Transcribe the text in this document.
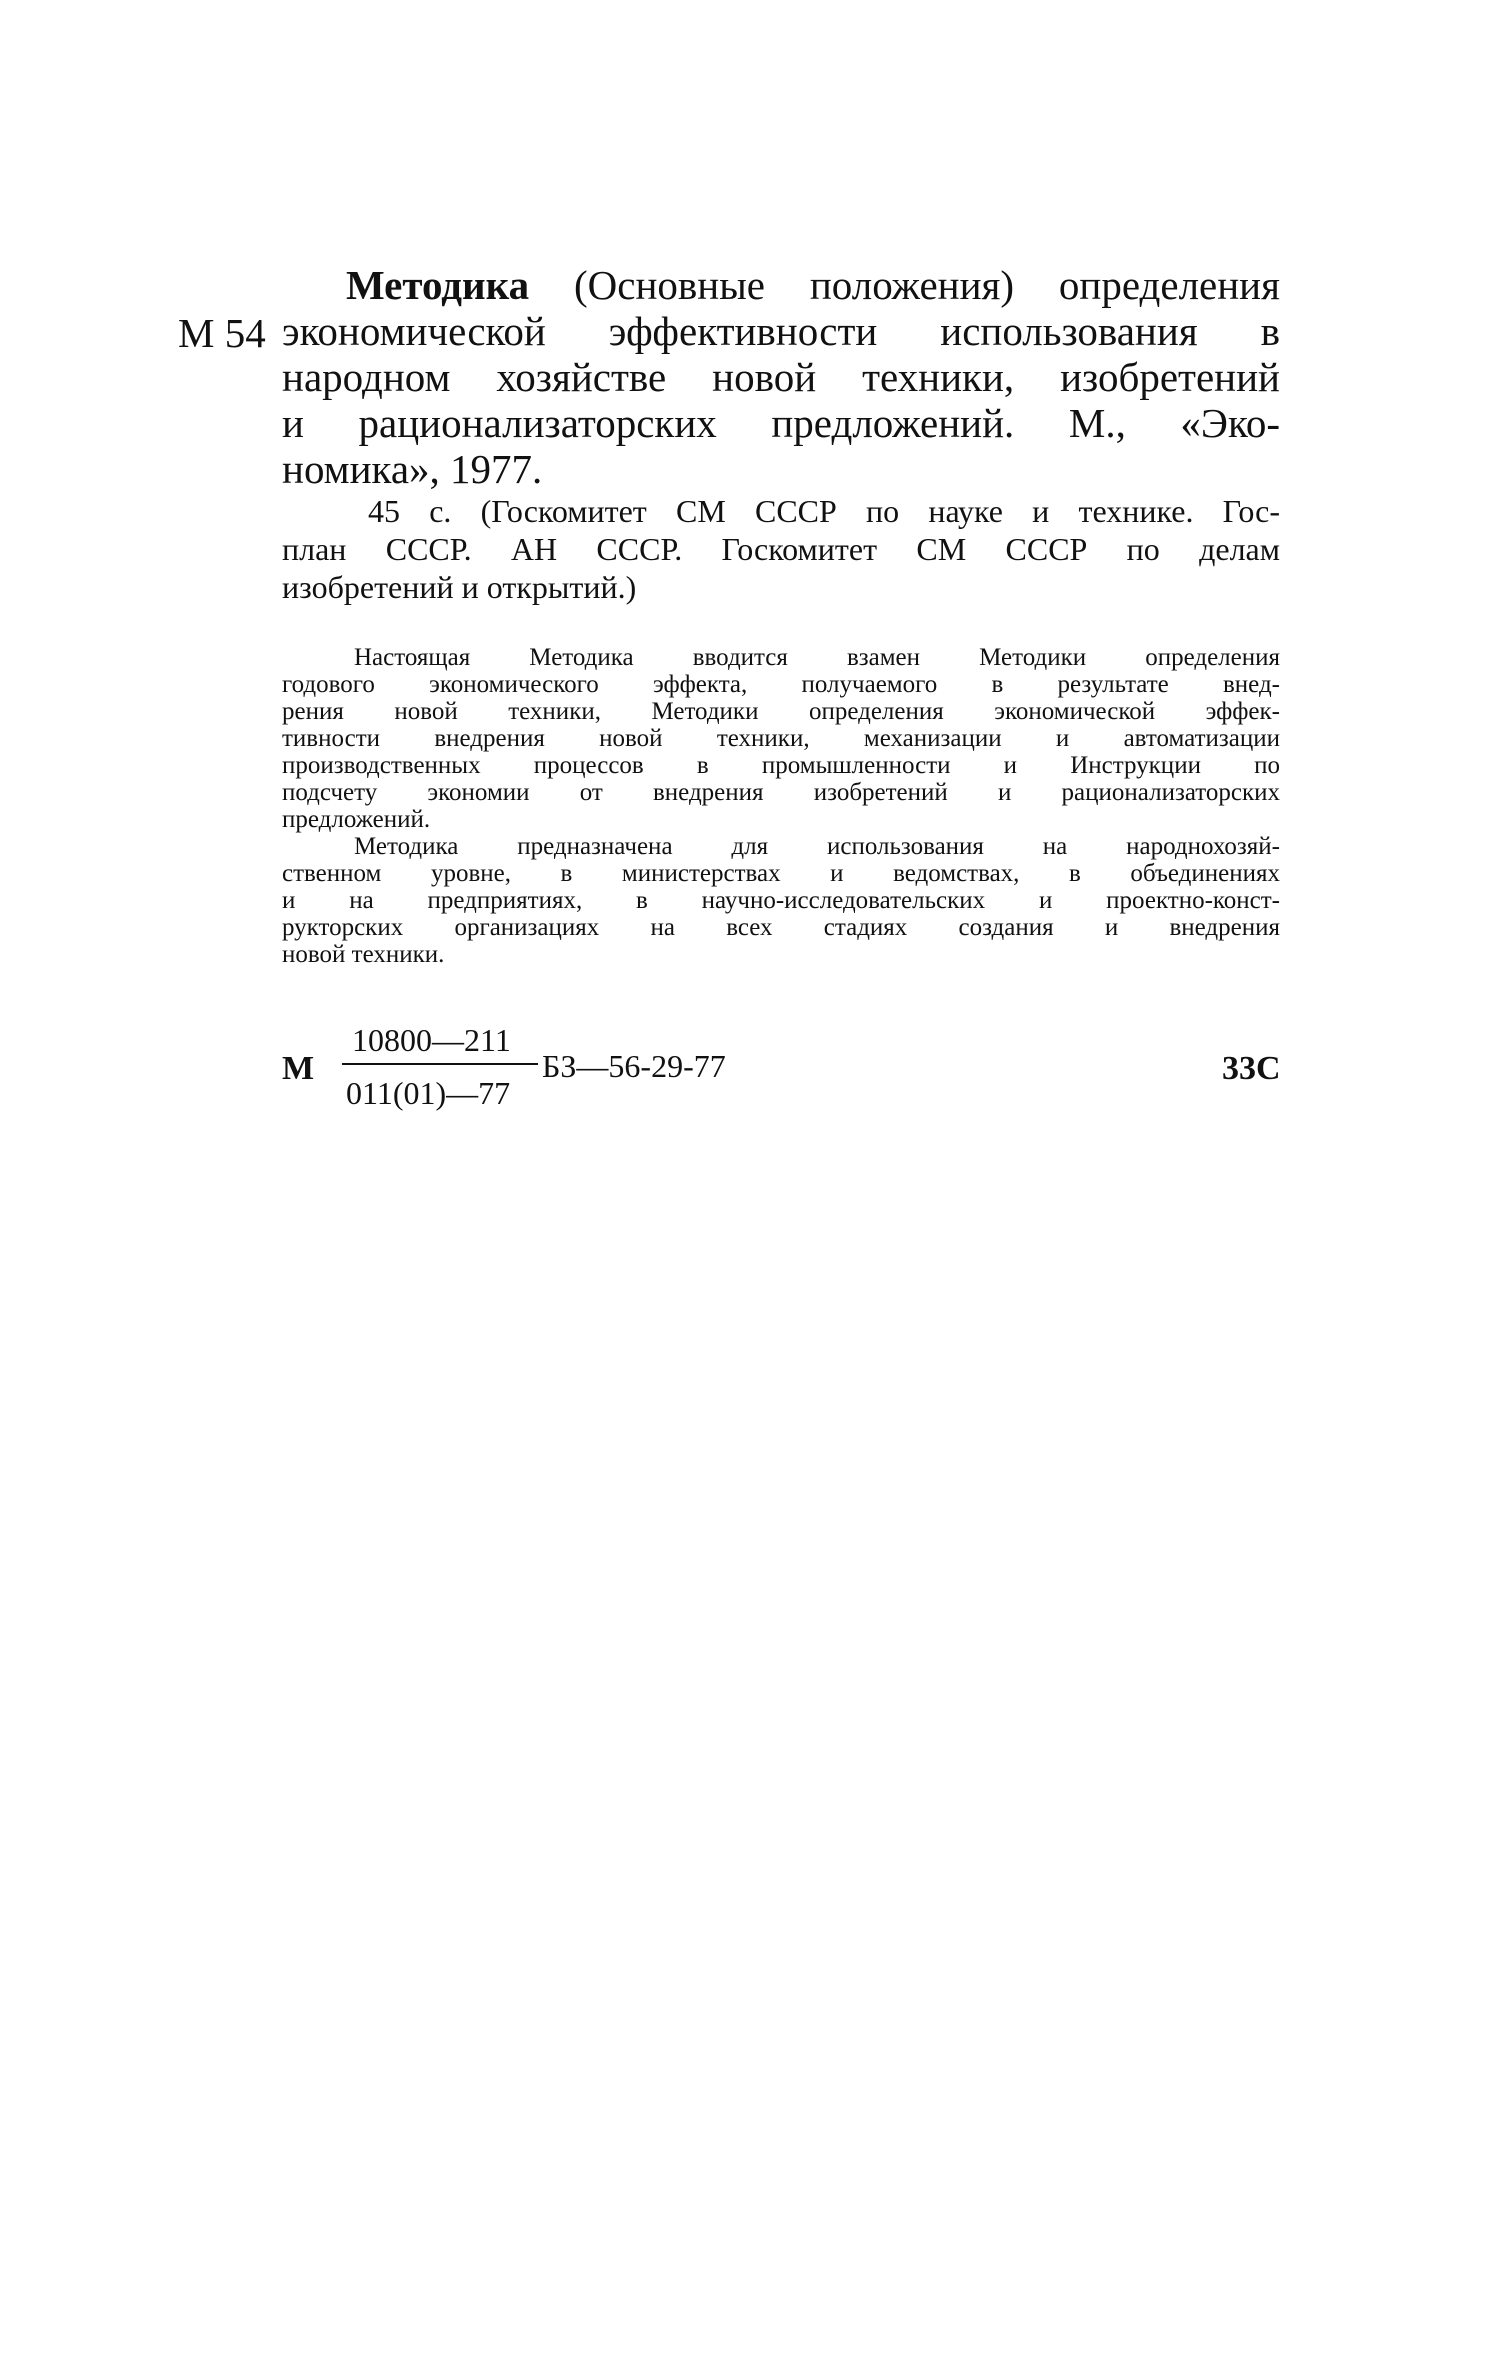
М 54
Методика (Основные положения) определения
экономической эффективности использования в
народном хозяйстве новой техники, изобретений
и рационализаторских предложений. М., «Эко-
номика», 1977.
45 с. (Госкомитет СМ СССР по науке и технике. Гос-
план СССР. АН СССР. Госкомитет СМ СССР по делам
изобретений и открытий.)
Настоящая Методика вводится взамен Методики определения
годового экономического эффекта, получаемого в результате внед-
рения новой техники, Методики определения экономической эффек-
тивности внедрения новой техники, механизации и автоматизации
производственных процессов в промышленности и Инструкции по
подсчету экономии от внедрения изобретений и рационализаторских
предложений.
Методика предназначена для использования на народнохозяй-
ственном уровне, в министерствах и ведомствах, в объединениях
и на предприятиях, в научно-исследовательских и проектно-конст-
рукторских организациях на всех стадиях создания и внедрения
новой техники.
М
10800—211
011(01)—77
БЗ—56-29-77	33С
